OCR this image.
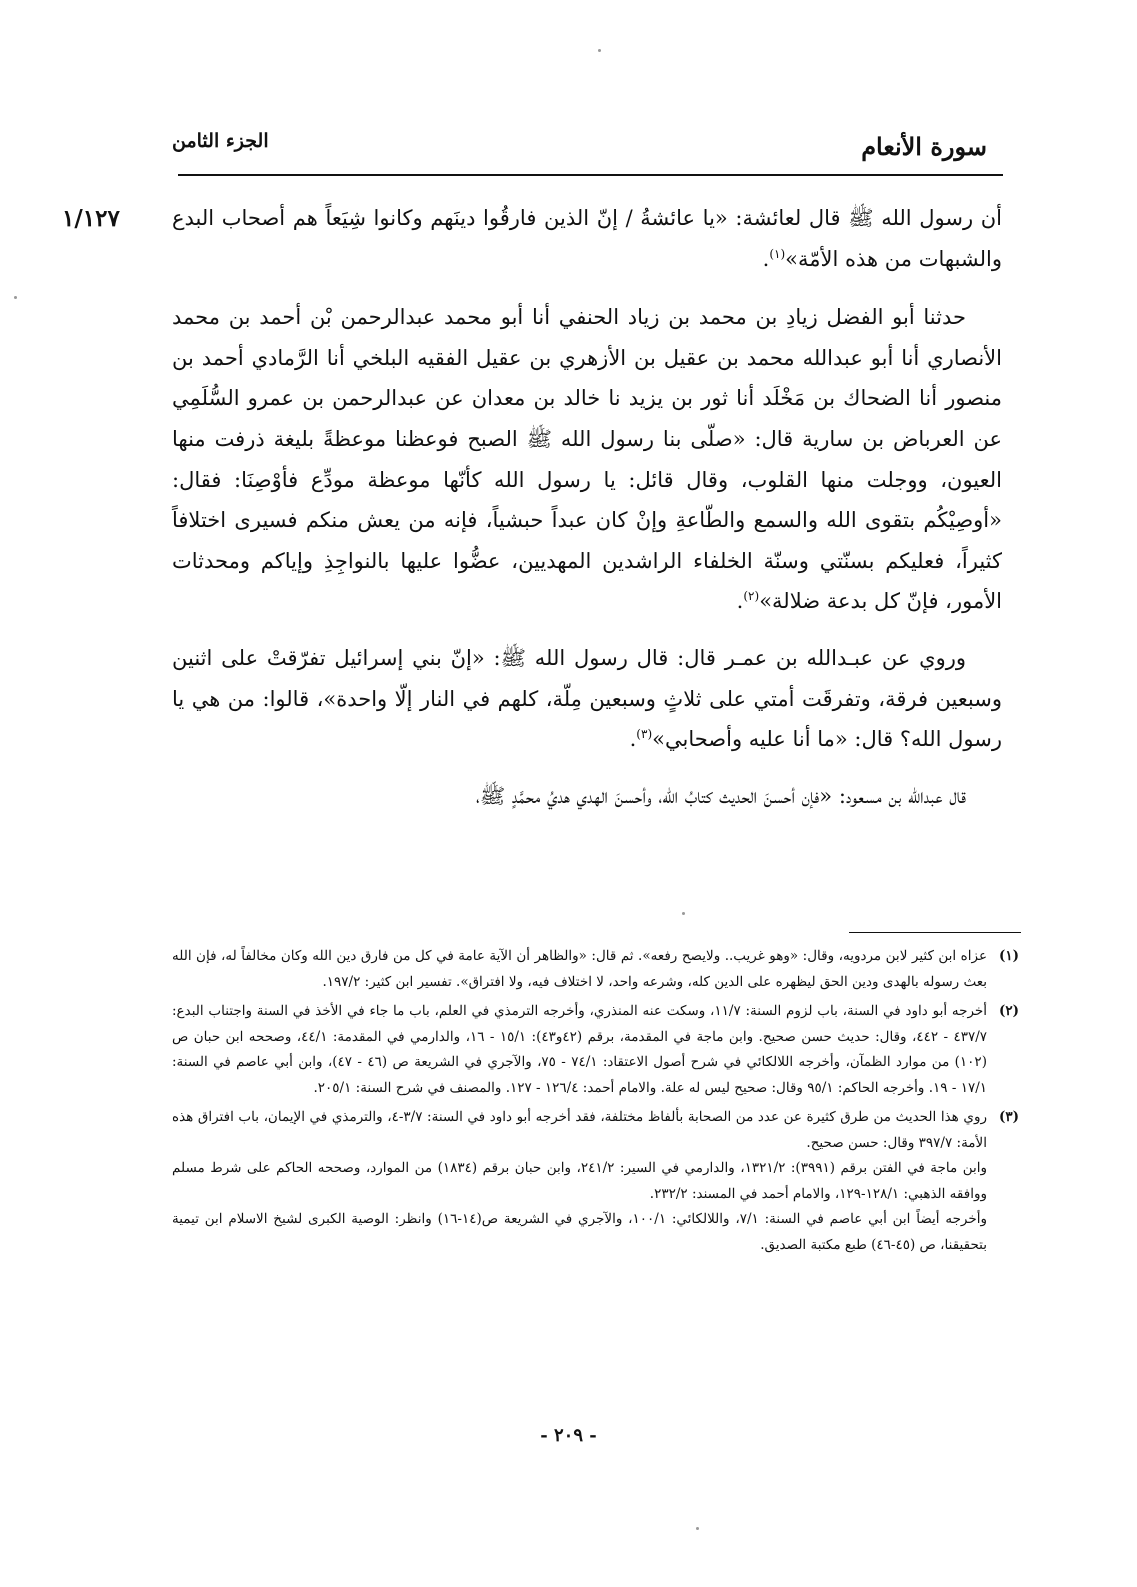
سورة الأنعام
الجزء الثامن
١/١٢٧ أن رسول الله ﷺ قال لعائشة: «يا عائشةُ / إنّ الذين فارقُوا دينَهم وكانوا شِيَعاً هم أصحاب البدع والشبهات من هذه الأمّة»$^{(١)}$.

حدثنا أبو الفضل زيادِ بن محمد بن زياد الحنفي أنا أبو محمد عبدالرحمن بْن أحمد بن محمد الأنصاري أنا أبو عبدالله محمد بن عقيل بن الأزهري بن عقيل الفقيه البلخي أنا الرَّمادي أحمد بن منصور أنا الضحاك بن مَخْلَد أنا ثور بن يزيد نا خالد بن معدان عن عبدالرحمن بن عمرو السُّلَمِي عن العرباض بن سارية قال: «صلّى بنا رسول الله ﷺ الصبح فوعظنا موعظةً بليغة ذرفت منها العيون، ووجلت منها القلوب، وقال قائل: يا رسول الله كأنّها موعظة مودِّع فأوْصِنَا: فقال: «أوصِيْكُم بتقوى الله والسمع والطّاعةِ وإنْ كان عبداً حبشياً، فإنه من يعش منكم فسيرى اختلافاً كثيراً، فعليكم بسنّتي وسنّة الخلفاء الراشدين المهديين، عضُّوا عليها بالنواجِذِ وإياكم ومحدثات الأمور، فإنّ كل بدعة ضلالة»$^{(٢)}$.

وروي عن عبـدالله بن عمـر قال: قال رسول الله ﷺ: «إنّ بني إسرائيل تفرّقتْ على اثنين وسبعين فرقة، وتفرقَت أمتي على ثلاثٍ وسبعين مِلّة، كلهم في النار إلّا واحدة»، قالوا: من هي يا رسول الله؟ قال: «ما أنا عليه وأصحابي»$^{(٣)}$.

قال عبدالله بن مسعود: «فإن أحسنَ الحديث كتابُ الله، وأحسنَ الهدي هديُ محمَّدٍ ﷺ،

(١)

عزاه ابن كثير لابن مردويه، وقال: «وهو غريب.. ولايصح رفعه». ثم قال: «والظاهر أن الآية عامة في كل من فارق دين الله وكان مخالفاً له، فإن الله بعث رسوله بالهدى ودين الحق ليظهره على الدين كله، وشرعه واحد، لا اختلاف فيه، ولا افتراق». تفسير ابن كثير: ١٩٧/٢.

(٢)

أخرجه أبو داود في السنة، باب لزوم السنة: ١١/٧، وسكت عنه المنذري، وأخرجه الترمذي في العلم، باب ما جاء في الأخذ في السنة واجتناب البدع: ٤٣٧/٧ - ٤٤٢، وقال: حديث حسن صحيح. وابن ماجة في المقدمة، برقم (٤٢و٤٣): ١٥/١ - ١٦، والدارمي في المقدمة: ٤٤/١، وصححه ابن حبان ص (١٠٢) من موارد الظمآن، وأخرجه اللالكائي في شرح أصول الاعتقاد: ٧٤/١ - ٧٥، والآجري في الشريعة ص (٤٦ - ٤٧)، وابن أبي عاصم في السنة: ١٧/١ - ١٩. وأخرجه الحاكم: ٩٥/١ وقال: صحيح ليس له علة. والامام أحمد: ١٢٦/٤ - ١٢٧. والمصنف في شرح السنة: ٢٠٥/١.

(٣)

روي هذا الحديث من طرق كثيرة عن عدد من الصحابة بألفاظ مختلفة، فقد أخرجه أبو داود في السنة: ٣/٧-٤، والترمذي في الإيمان، باب افتراق هذه الأمة: ٣٩٧/٧ وقال: حسن صحيح.

وابن ماجة في الفتن برقم (٣٩٩١): ١٣٢١/٢، والدارمي في السير: ٢٤١/٢، وابن حبان برقم (١٨٣٤) من الموارد، وصححه الحاكم على شرط مسلم ووافقه الذهبي: ١٢٨/١-١٢٩، والامام أحمد في المسند: ٢٣٢/٢.

وأخرجه أيضاً ابن أبي عاصم في السنة: ٧/١، واللالكائي: ١٠٠/١، والآجري في الشريعة ص(١٤-١٦) وانظر: الوصية الكبرى لشيخ الاسلام ابن تيمية بتحقيقنا، ص (٤٥-٤٦) طبع مكتبة الصديق.

- ٢٠٩ -
